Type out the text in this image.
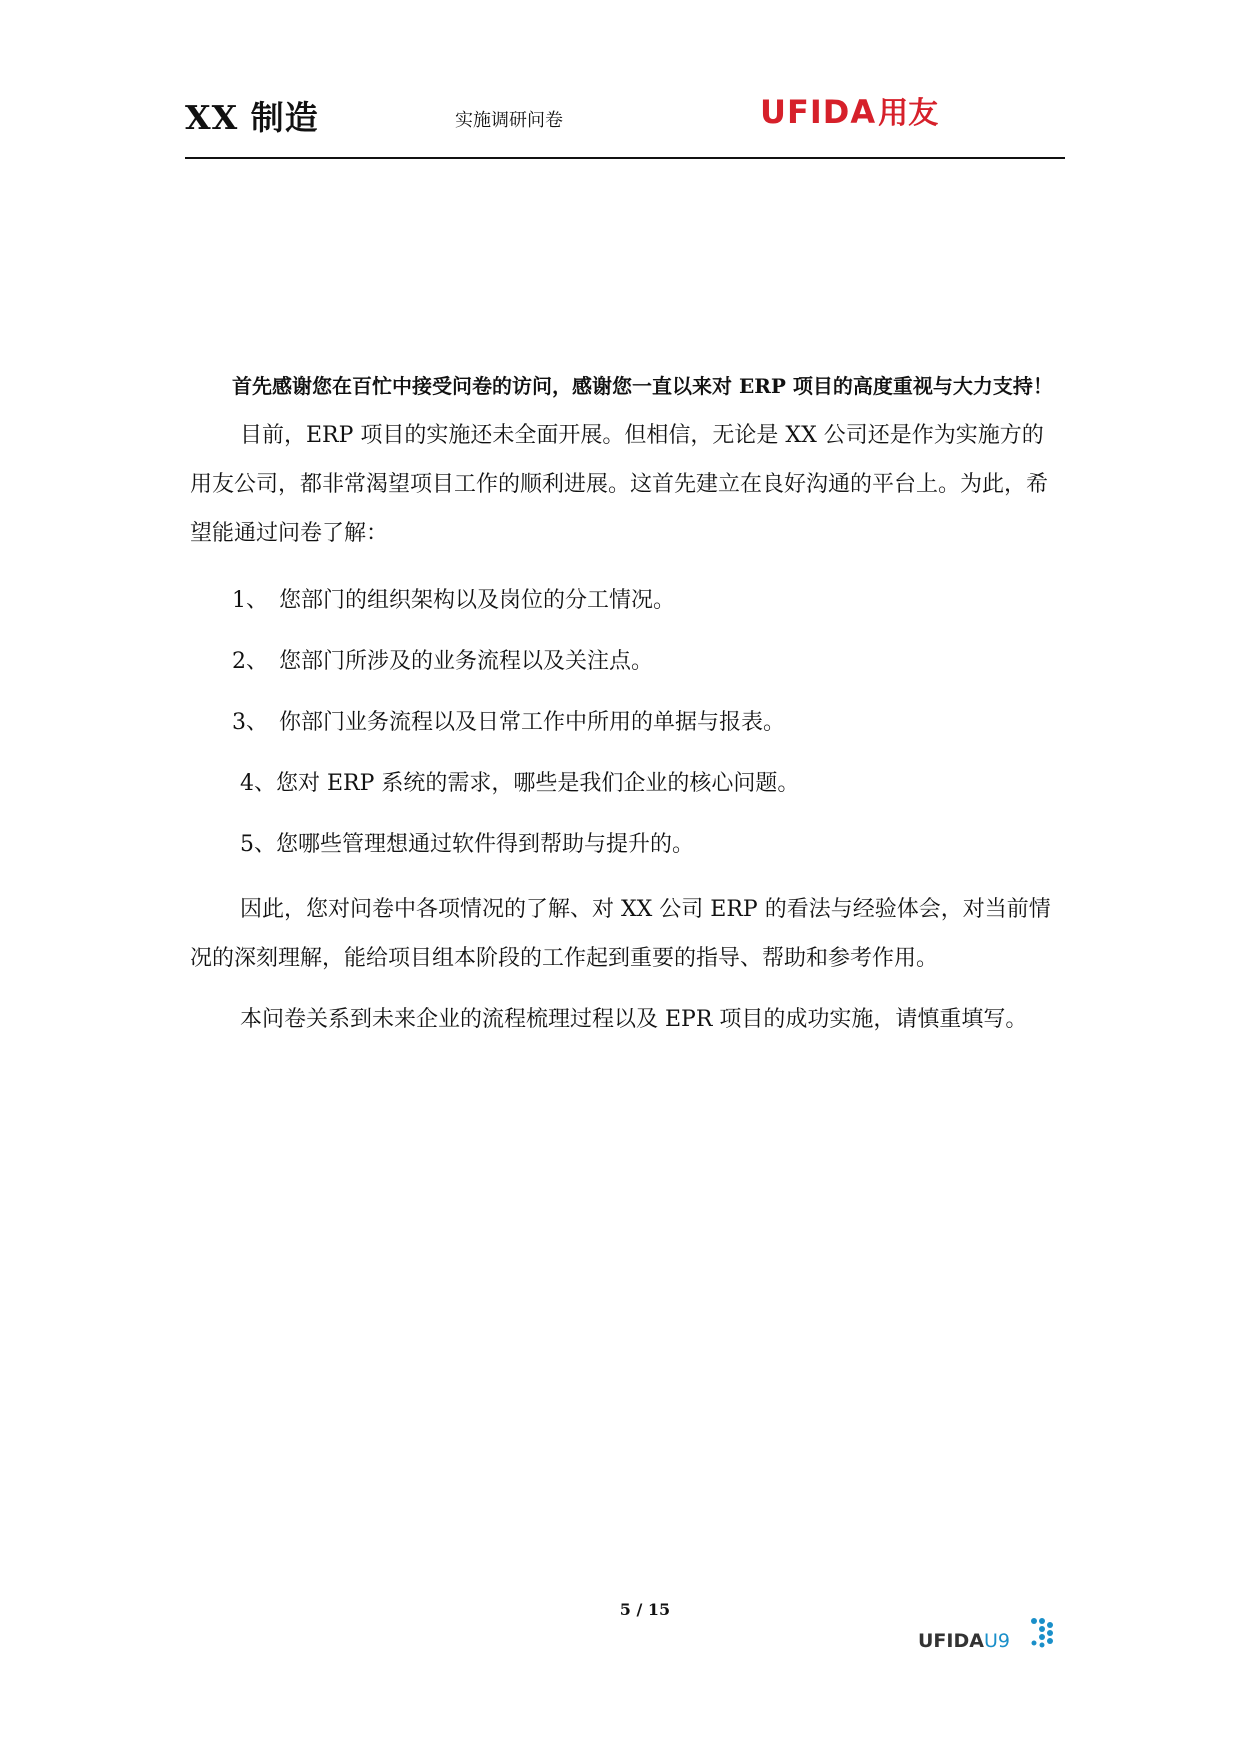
XX 制造	实施调研问卷	UFIDA 用友

首先感谢您在百忙中接受问卷的访问，感谢您一直以来对 ERP 项目的高度重视与大力支持！

目前，ERP 项目的实施还未全面开展。但相信，无论是 XX 公司还是作为实施方的用友公司，都非常渴望项目工作的顺利进展。这首先建立在良好沟通的平台上。为此，希望能通过问卷了解：

1、 您部门的组织架构以及岗位的分工情况。
2、 您部门所涉及的业务流程以及关注点。
3、 你部门业务流程以及日常工作中所用的单据与报表。
4、您对 ERP 系统的需求，哪些是我们企业的核心问题。
5、您哪些管理想通过软件得到帮助与提升的。

因此，您对问卷中各项情况的了解、对 XX 公司 ERP 的看法与经验体会，对当前情况的深刻理解，能给项目组本阶段的工作起到重要的指导、帮助和参考作用。

本问卷关系到未来企业的流程梳理过程以及 EPR 项目的成功实施，请慎重填写。

5 / 15
UFIDAU9
